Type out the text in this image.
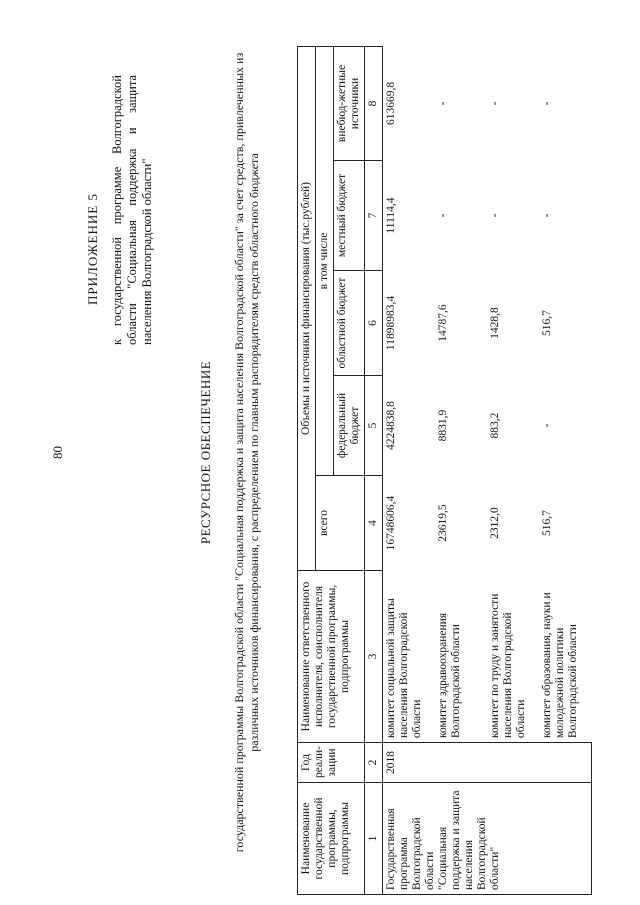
80
ПРИЛОЖЕНИЕ 5 к государственной программе Волгоградской области "Социальная поддержка и защита населения Волгоградской области"
РЕСУРСНОЕ ОБЕСПЕЧЕНИЕ государственной программы Волгоградской области "Социальная поддержка и защита населения Волгоградской области" за счет средств, привлеченных из различных источников финансирования, с распределением по главным распорядителям средств областного бюджета
Наименование государственной программы, подпрограммы	Год реали-зации	Наименование ответственного исполнителя, соисполнителя государственной программы, подпрограммы	Объемы и источники финансирования (тыс.рублей)				
			всего	в том числе			
				федеральный бюджет	областной бюджет	местный бюджет	внебюд-жетные источники
1	2	3	4	5	6	7	8
Государственная программа Волгоградской области "Социальная поддержка и защита населения Волгоградской области"	2018	комитет социальной защиты населения Волгоградской области	16748606,4	4224838,8	11898983,4	11114,4	613669,8
		комитет здравоохранения Волгоградской области	23619,5	8831,9	14787,6	-	-
		комитет по труду и занятости населения Волгоградской области	2312,0	883,2	1428,8	-	-
		комитет образования, науки и молодежной политики Волгоградской области	516,7	-	516,7	-	-
